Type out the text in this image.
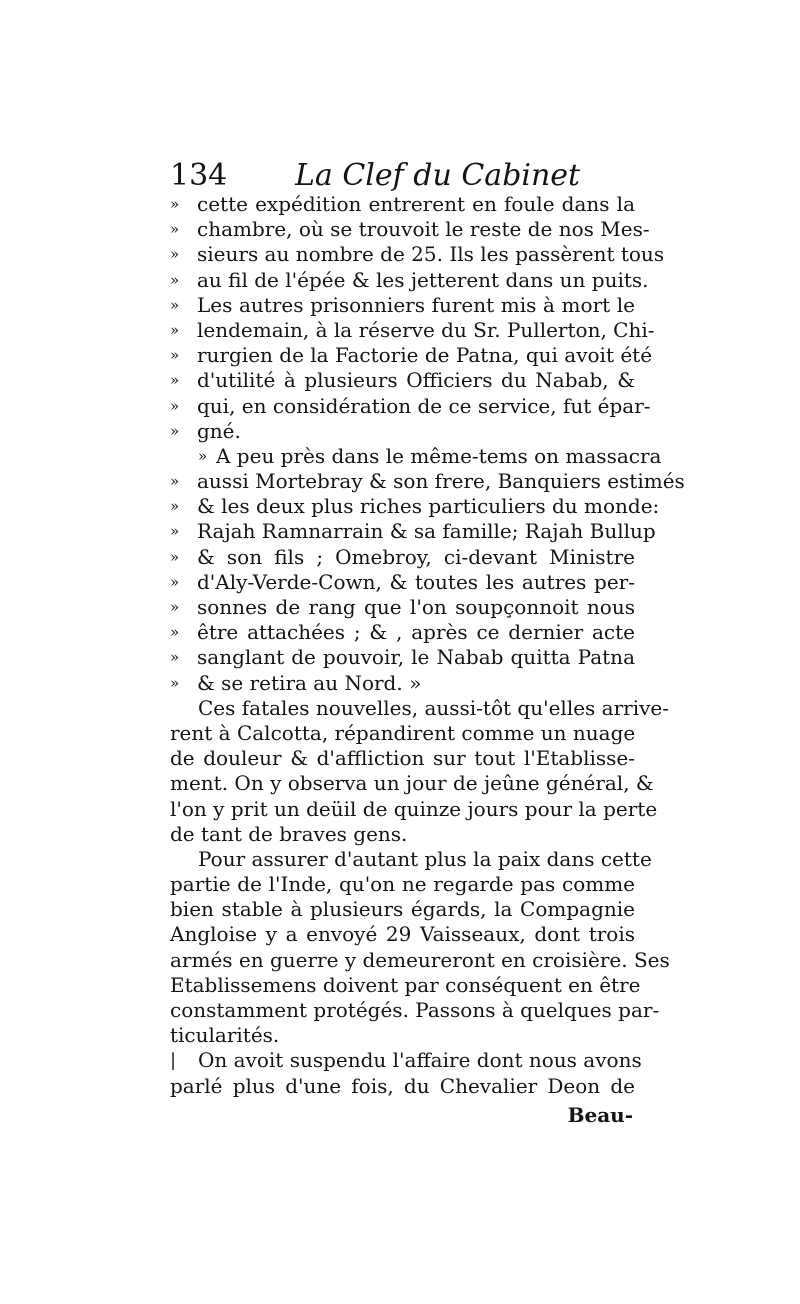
134 La Clef du Cabinet
» cette expédition entrerent en foule dans la
» chambre, où se trouvoit le reste de nos Mes-
» sieurs au nombre de 25. Ils les passèrent tous
» au fil de l'épée & les jetterent dans un puits.
» Les autres prisonniers furent mis à mort le
» lendemain, à la réserve du Sr. Pullerton, Chi-
» rurgien de la Factorie de Patna, qui avoit été
» d'utilité à plusieurs Officiers du Nabab, &
» qui, en considération de ce service, fut épar-
» gné.
» A peu près dans le même-tems on massacra
» aussi Mortebray & son frere, Banquiers estimés
» & les deux plus riches particuliers du monde:
» Rajah Ramnarrain & sa famille; Rajah Bullup
» & son fils ; Omebroy, ci-devant Ministre
» d'Aly-Verde-Cown, & toutes les autres per-
» sonnes de rang que l'on soupçonnoit nous
» être attachées ; & , après ce dernier acte
» sanglant de pouvoir, le Nabab quitta Patna
» & se retira au Nord. »
Ces fatales nouvelles, aussi-tôt qu'elles arrive-
rent à Calcotta, répandirent comme un nuage
de douleur & d'affliction sur tout l'Etablisse-
ment. On y observa un jour de jeûne général, &
l'on y prit un deüil de quinze jours pour la perte
de tant de braves gens.
Pour assurer d'autant plus la paix dans cette
partie de l'Inde, qu'on ne regarde pas comme
bien stable à plusieurs égards, la Compagnie
Angloise y a envoyé 29 Vaisseaux, dont trois
armés en guerre y demeureront en croisière. Ses
Etablissemens doivent par conséquent en être
constamment protégés. Passons à quelques par-
ticularités.
| On avoit suspendu l'affaire dont nous avons
parlé plus d'une fois, du Chevalier Deon de
Beau-
